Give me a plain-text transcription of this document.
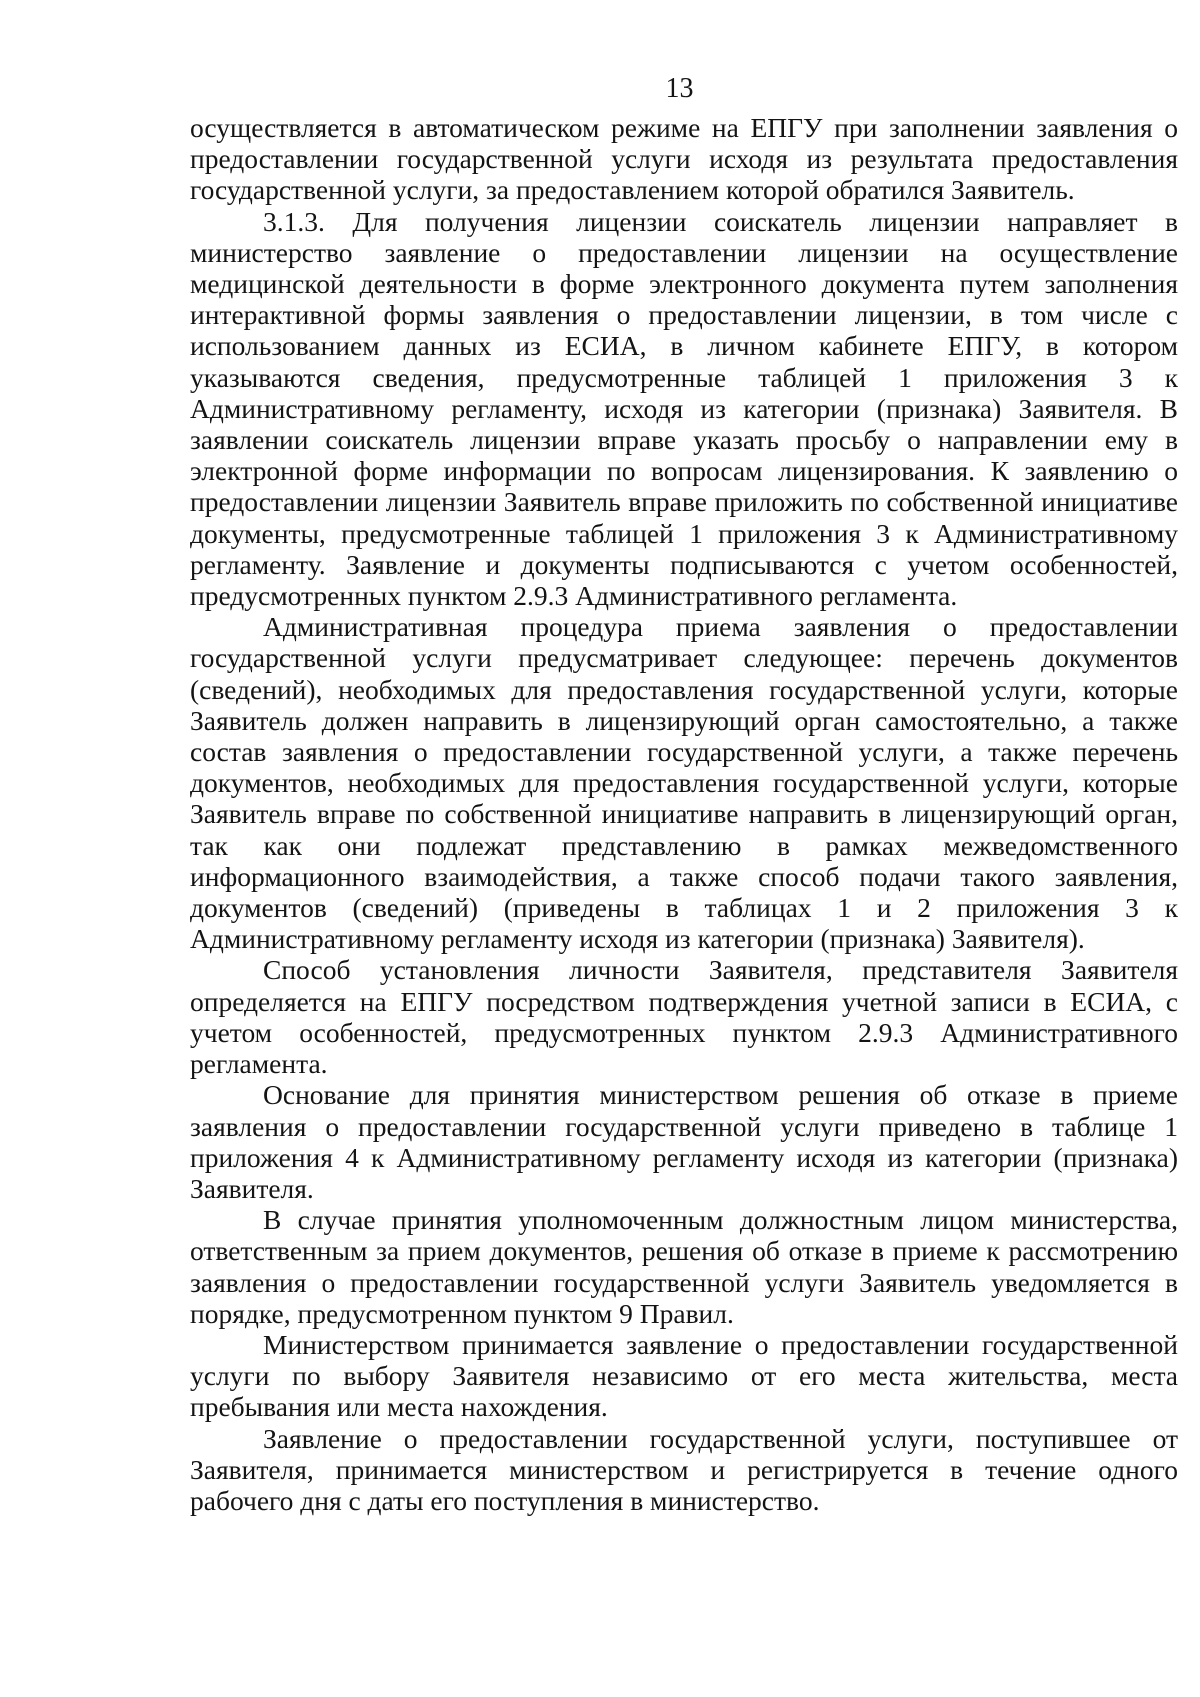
13

осуществляется в автоматическом режиме на ЕПГУ при заполнении заявления о предоставлении государственной услуги исходя из результата предоставления государственной услуги, за предоставлением которой обратился Заявитель.

3.1.3. Для получения лицензии соискатель лицензии направляет в министерство заявление о предоставлении лицензии на осуществление медицинской деятельности в форме электронного документа путем заполнения интерактивной формы заявления о предоставлении лицензии, в том числе с использованием данных из ЕСИА, в личном кабинете ЕПГУ, в котором указываются сведения, предусмотренные таблицей 1 приложения 3 к Административному регламенту, исходя из категории (признака) Заявителя. В заявлении соискатель лицензии вправе указать просьбу о направлении ему в электронной форме информации по вопросам лицензирования. К заявлению о предоставлении лицензии Заявитель вправе приложить по собственной инициативе документы, предусмотренные таблицей 1 приложения 3 к Административному регламенту. Заявление и документы подписываются с учетом особенностей, предусмотренных пунктом 2.9.3 Административного регламента.

Административная процедура приема заявления о предоставлении государственной услуги предусматривает следующее: перечень документов (сведений), необходимых для предоставления государственной услуги, которые Заявитель должен направить в лицензирующий орган самостоятельно, а также состав заявления о предоставлении государственной услуги, а также перечень документов, необходимых для предоставления государственной услуги, которые Заявитель вправе по собственной инициативе направить в лицензирующий орган, так как они подлежат представлению в рамках межведомственного информационного взаимодействия, а также способ подачи такого заявления, документов (сведений) (приведены в таблицах 1 и 2 приложения 3 к Административному регламенту исходя из категории (признака) Заявителя).

Способ установления личности Заявителя, представителя Заявителя определяется на ЕПГУ посредством подтверждения учетной записи в ЕСИА, с учетом особенностей, предусмотренных пунктом 2.9.3 Административного регламента.

Основание для принятия министерством решения об отказе в приеме заявления о предоставлении государственной услуги приведено в таблице 1 приложения 4 к Административному регламенту исходя из категории (признака) Заявителя.

В случае принятия уполномоченным должностным лицом министерства, ответственным за прием документов, решения об отказе в приеме к рассмотрению заявления о предоставлении государственной услуги Заявитель уведомляется в порядке, предусмотренном пунктом 9 Правил.

Министерством принимается заявление о предоставлении государственной услуги по выбору Заявителя независимо от его места жительства, места пребывания или места нахождения.

Заявление о предоставлении государственной услуги, поступившее от Заявителя, принимается министерством и регистрируется в течение одного рабочего дня с даты его поступления в министерство.
